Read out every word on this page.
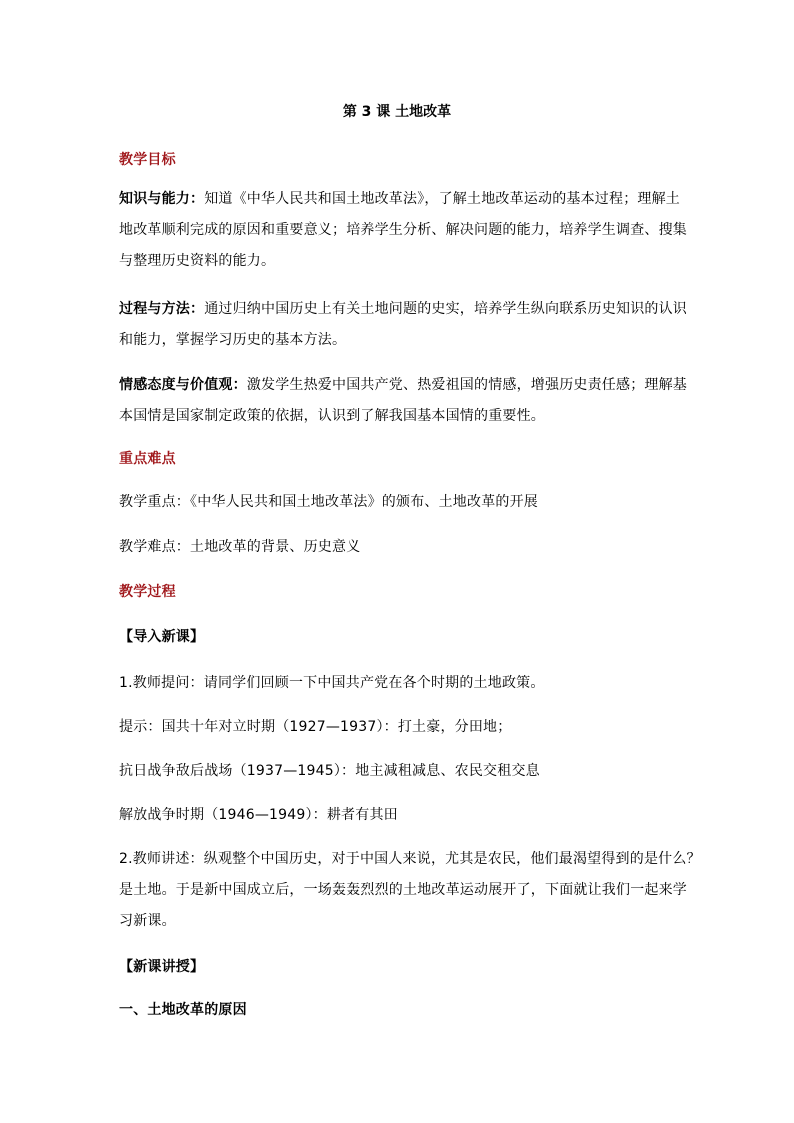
第 3 课 土地改革
教学目标
知识与能力：知道《中华人民共和国土地改革法》，了解土地改革运动的基本过程；理解土
地改革顺利完成的原因和重要意义；培养学生分析、解决问题的能力，培养学生调查、搜集
与整理历史资料的能力。
过程与方法：通过归纳中国历史上有关土地问题的史实，培养学生纵向联系历史知识的认识
和能力，掌握学习历史的基本方法。
情感态度与价值观：激发学生热爱中国共产党、热爱祖国的情感，增强历史责任感；理解基
本国情是国家制定政策的依据，认识到了解我国基本国情的重要性。
重点难点
教学重点：《中华人民共和国土地改革法》的颁布、土地改革的开展
教学难点：土地改革的背景、历史意义
教学过程
【导入新课】
1.教师提问：请同学们回顾一下中国共产党在各个时期的土地政策。
提示：国共十年对立时期（1927—1937）：打土豪，分田地；
抗日战争敌后战场（1937—1945）：地主减租减息、农民交租交息
解放战争时期（1946—1949）：耕者有其田
2.教师讲述：纵观整个中国历史，对于中国人来说，尤其是农民，他们最渴望得到的是什么？
是土地。于是新中国成立后，一场轰轰烈烈的土地改革运动展开了，下面就让我们一起来学
习新课。
【新课讲授】
一、土地改革的原因
